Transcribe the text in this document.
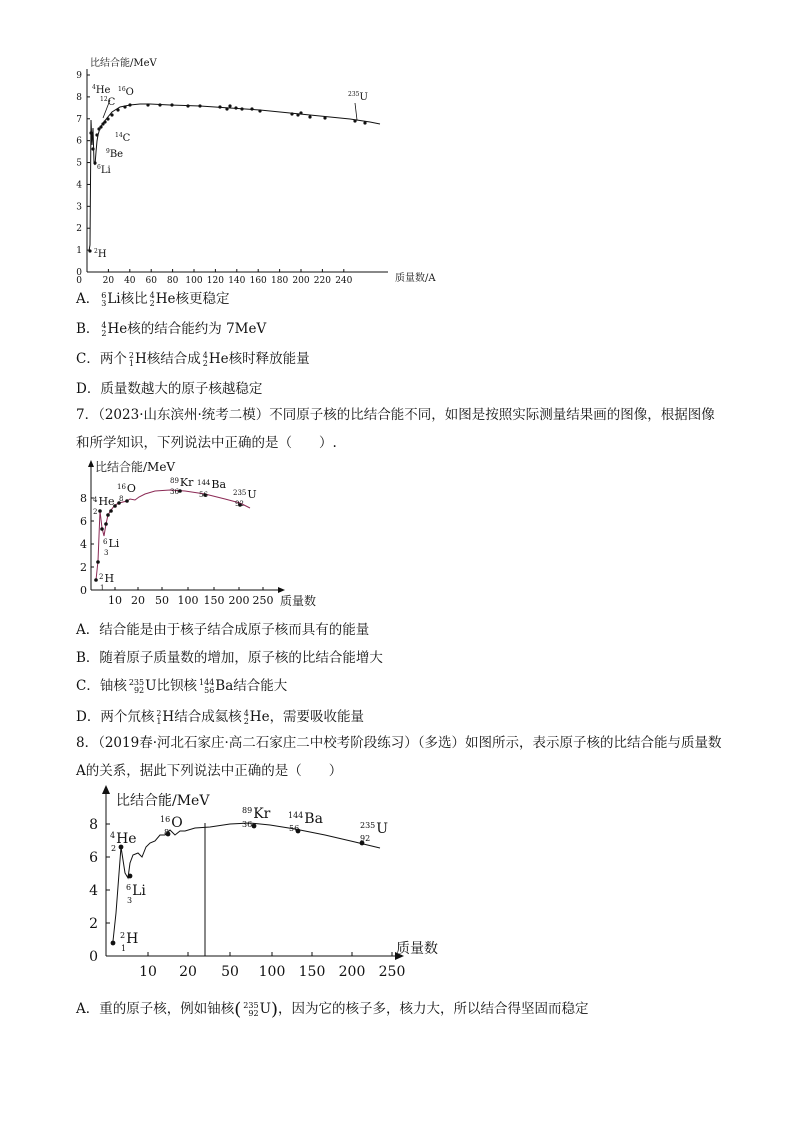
比结合能/MeV
质量数/A
0
1
2
3
4
5
6
7
8
9
20 40 60 80 100 120 140 160 180 200 220 240
0
$^4$He
$^{12}$C
$^{16}$O
$^{14}$C
$^9$Be
$^6$Li
$^2$H
$^{235}$U
A． 6
3 Li核比 4
2 He核更稳定
B． 4
2 He核的结合能约为 7MeV
C．两个 2
1 H核结合成 4
2 He核时释放能量
D．质量数越大的原子核越稳定
7．（2023·山东滨州·统考二模）不同原子核的比结合能不同，如图是按照实际测量结果画的图像，根据图像和所学知识，下列说法中正确的是（　　）.
比结合能/MeV
质量数
0
2
4
6
8
10 20 50 100 150 200 250
$^4$He
2
$^{16}$O
8
$^{89}$Kr
36
$^{144}$Ba
56	$^{235}$U
92
$^6$Li
3
$^2$H
1
A．结合能是由于核子结合成原子核而具有的能量
B．随着原子质量数的增加，原子核的比结合能增大
C．铀核 235
92 U比钡核 144
56 Ba结合能大
D．两个氘核 2
1 H结合成氦核 4
2 He，需要吸收能量
8．（2019春·河北石家庄·高二石家庄二中校考阶段练习）（多选）如图所示，表示原子核的比结合能与质量数A的关系，据此下列说法中正确的是（　　）
比结合能/MeV
质量数
0
2
4
6
8
10 20 50 100 150 200 250
$^4$He
2
$^{16}$O
8
$^{89}$Kr
36
$^{144}$Ba
56	$^{235}$U
92
$^6$Li
3
$^2$H
1
A．重的原子核，例如铀核( 235
92 U)，因为它的核子多，核力大，所以结合得坚固而稳定
